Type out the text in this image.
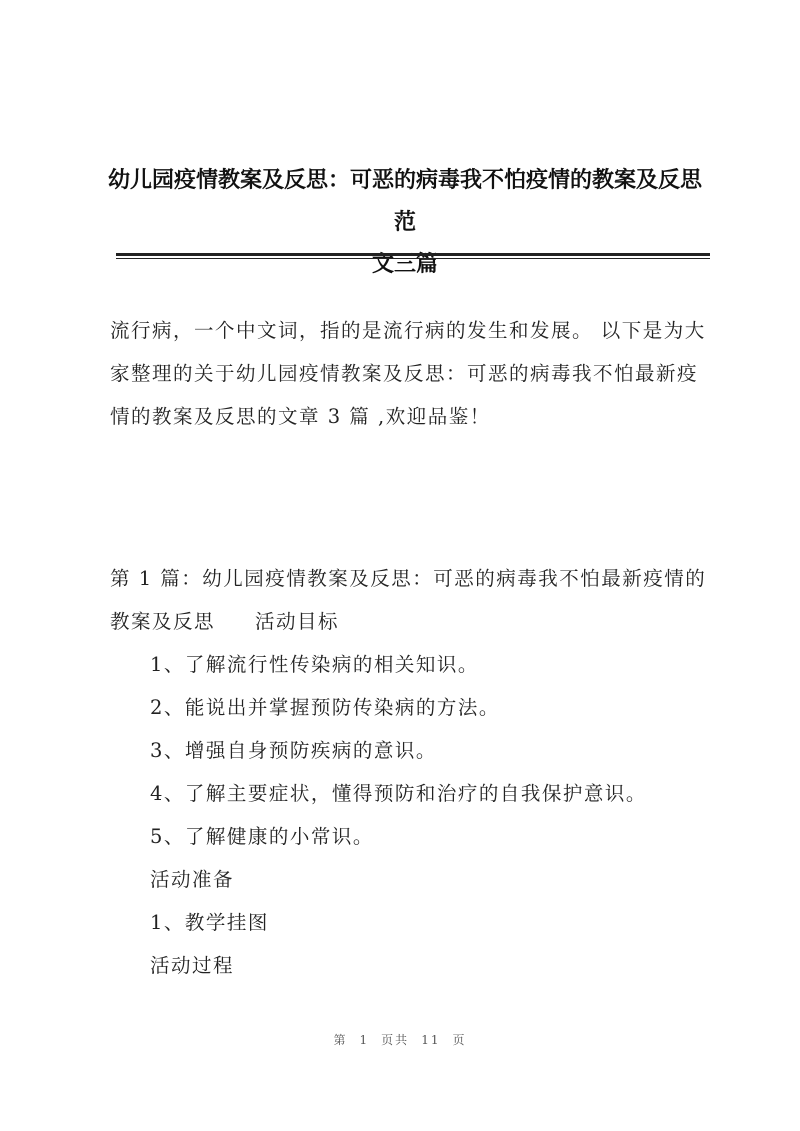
幼儿园疫情教案及反思：可恶的病毒我不怕疫情的教案及反思范
文三篇
流行病，一个中文词，指的是流行病的发生和发展。 以下是为大家整理的关于幼儿园疫情教案及反思：可恶的病毒我不怕最新疫情的教案及反思的文章 3 篇 ,欢迎品鉴！
第 1 篇：幼儿园疫情教案及反思：可恶的病毒我不怕最新疫情的教案及反思 活动目标
1、了解流行性传染病的相关知识。
2、能说出并掌握预防传染病的方法。
3、增强自身预防疾病的意识。
4、了解主要症状，懂得预防和治疗的自我保护意识。
5、了解健康的小常识。
活动准备
1、教学挂图
活动过程
第 1 页共 11 页
